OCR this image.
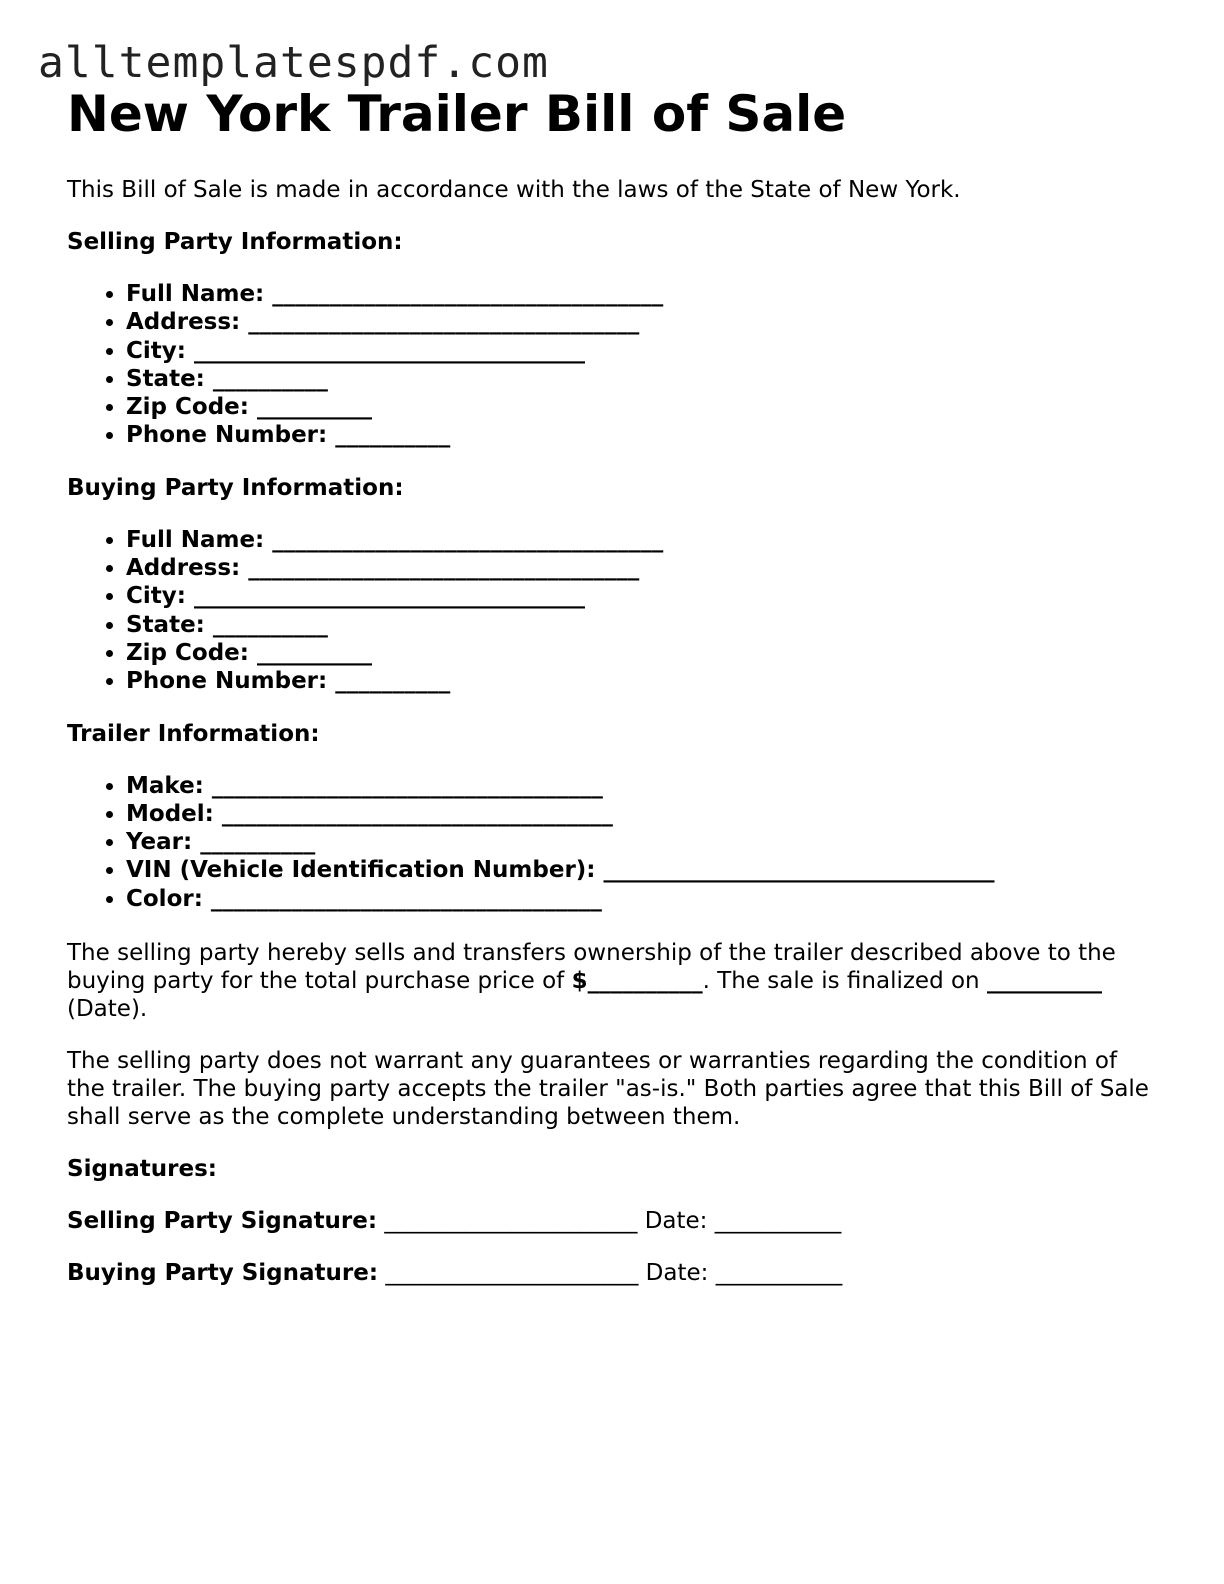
alltemplatespdf.com
New York Trailer Bill of Sale

This Bill of Sale is made in accordance with the laws of the State of New York.

Selling Party Information:

• Full Name: __________________________________
• Address: __________________________________
• City: __________________________________
• State: __________
• Zip Code: __________
• Phone Number: __________

Buying Party Information:

• Full Name: __________________________________
• Address: __________________________________
• City: __________________________________
• State: __________
• Zip Code: __________
• Phone Number: __________

Trailer Information:

• Make: __________________________________
• Model: __________________________________
• Year: __________
• VIN (Vehicle Identification Number): __________________________________
• Color: __________________________________

The selling party hereby sells and transfers ownership of the trailer described above to the buying party for the total purchase price of $__________. The sale is finalized on __________ (Date).

The selling party does not warrant any guarantees or warranties regarding the condition of the trailer. The buying party accepts the trailer "as-is." Both parties agree that this Bill of Sale shall serve as the complete understanding between them.

Signatures:

Selling Party Signature: ______________________ Date: ___________

Buying Party Signature: ______________________ Date: ___________
